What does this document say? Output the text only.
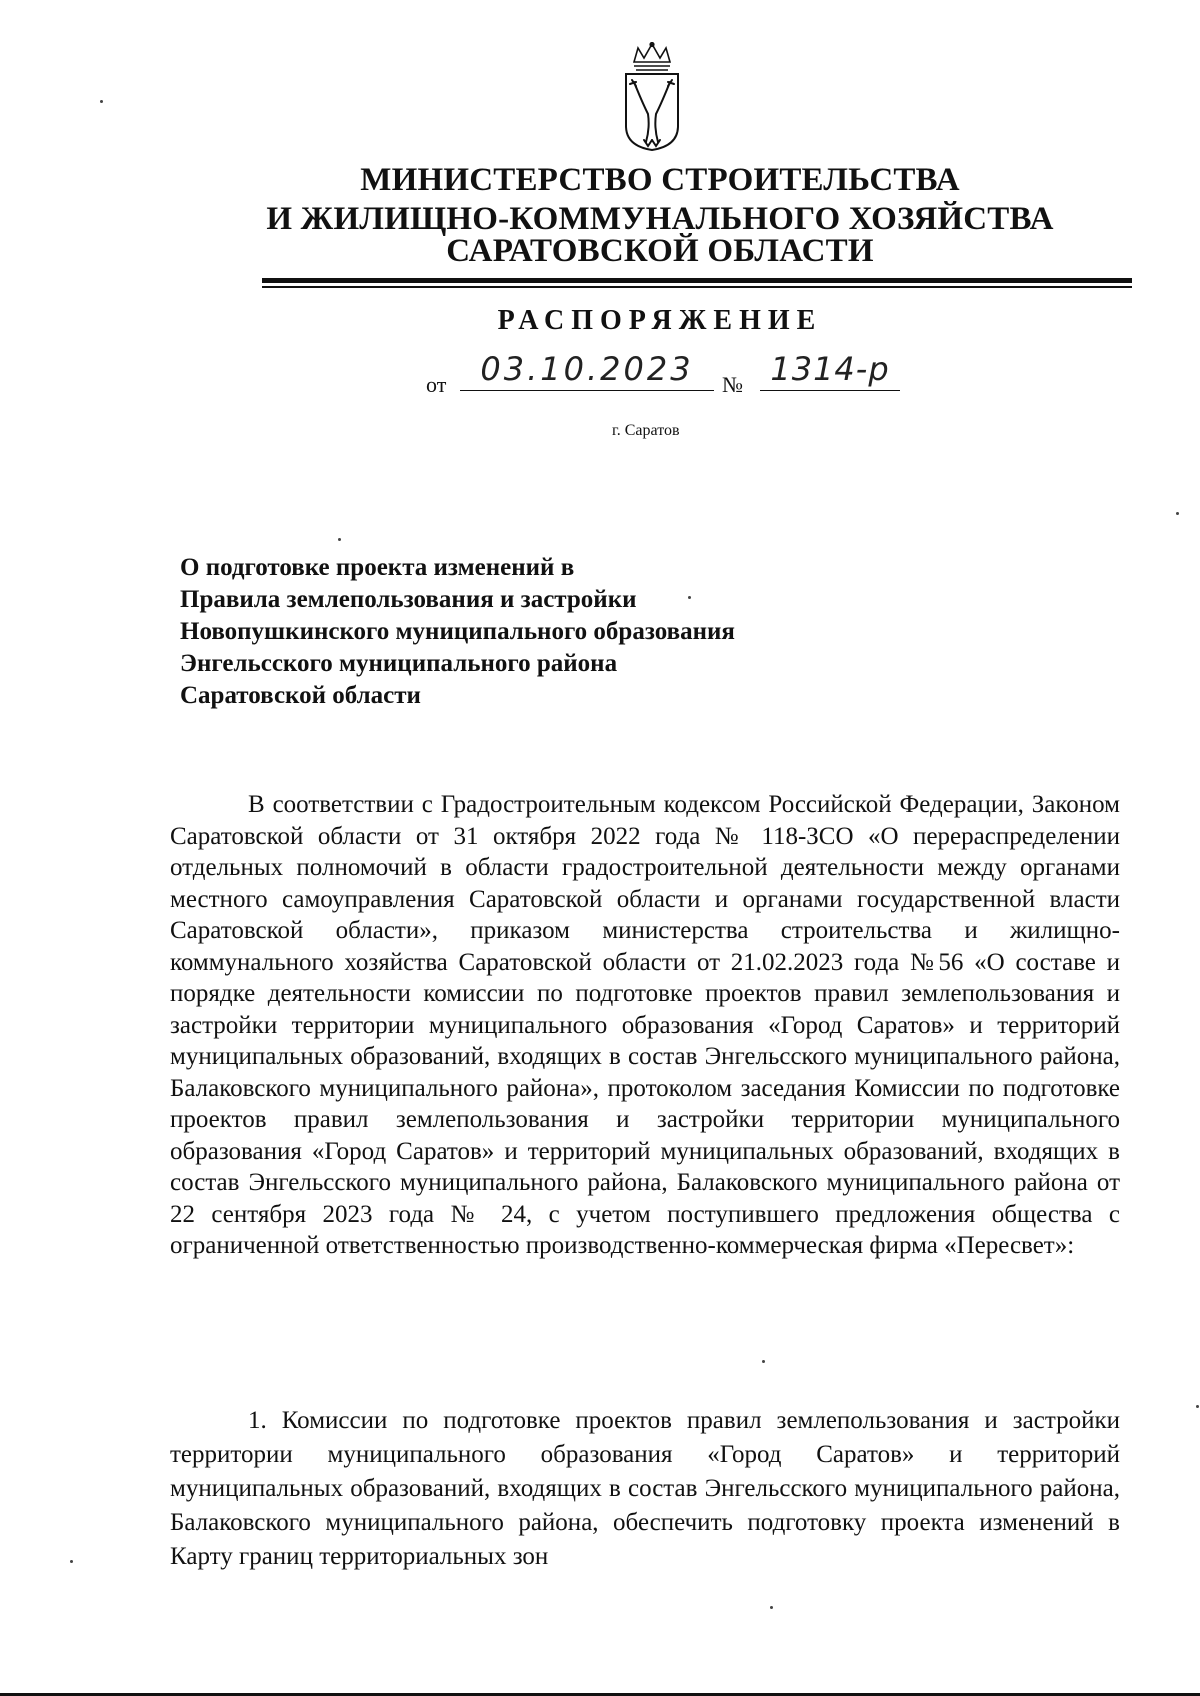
МИНИСТЕРСТВО СТРОИТЕЛЬСТВА
И ЖИЛИЩНО-КОММУНАЛЬНОГО ХОЗЯЙСТВА
САРАТОВСКОЙ ОБЛАСТИ
РАСПОРЯЖЕНИЕ
от	03.10.2023	№ 1314-р
г. Саратов
О подготовке проекта изменений в
Правила землепользования и застройки
Новопушкинского муниципального образования
Энгельсского муниципального района
Саратовской области
В соответствии с Градостроительным кодексом Российской Федерации, Законом Саратовской области от 31 октября 2022 года № 118-ЗСО «О перераспределении отдельных полномочий в области градостроительной деятельности между органами местного самоуправления Саратовской области и органами государственной власти Саратовской области», приказом министерства строительства и жилищно-коммунального хозяйства Саратовской области от 21.02.2023 года №56 «О составе и порядке деятельности комиссии по подготовке проектов правил землепользования и застройки территории муниципального образования «Город Саратов» и территорий муниципальных образований, входящих в состав Энгельсского муниципального района, Балаковского муниципального района», протоколом заседания Комиссии по подготовке проектов правил землепользования и застройки территории муниципального образования «Город Саратов» и территорий муниципальных образований, входящих в состав Энгельсского муниципального района, Балаковского муниципального района от 22 сентября 2023 года № 24, с учетом поступившего предложения общества с ограниченной ответственностью производственно-коммерческая фирма «Пересвет»:
1. Комиссии по подготовке проектов правил землепользования и застройки территории муниципального образования «Город Саратов» и территорий муниципальных образований, входящих в состав Энгельсского муниципального района, Балаковского муниципального района, обеспечить подготовку проекта изменений в Карту границ территориальных зон
